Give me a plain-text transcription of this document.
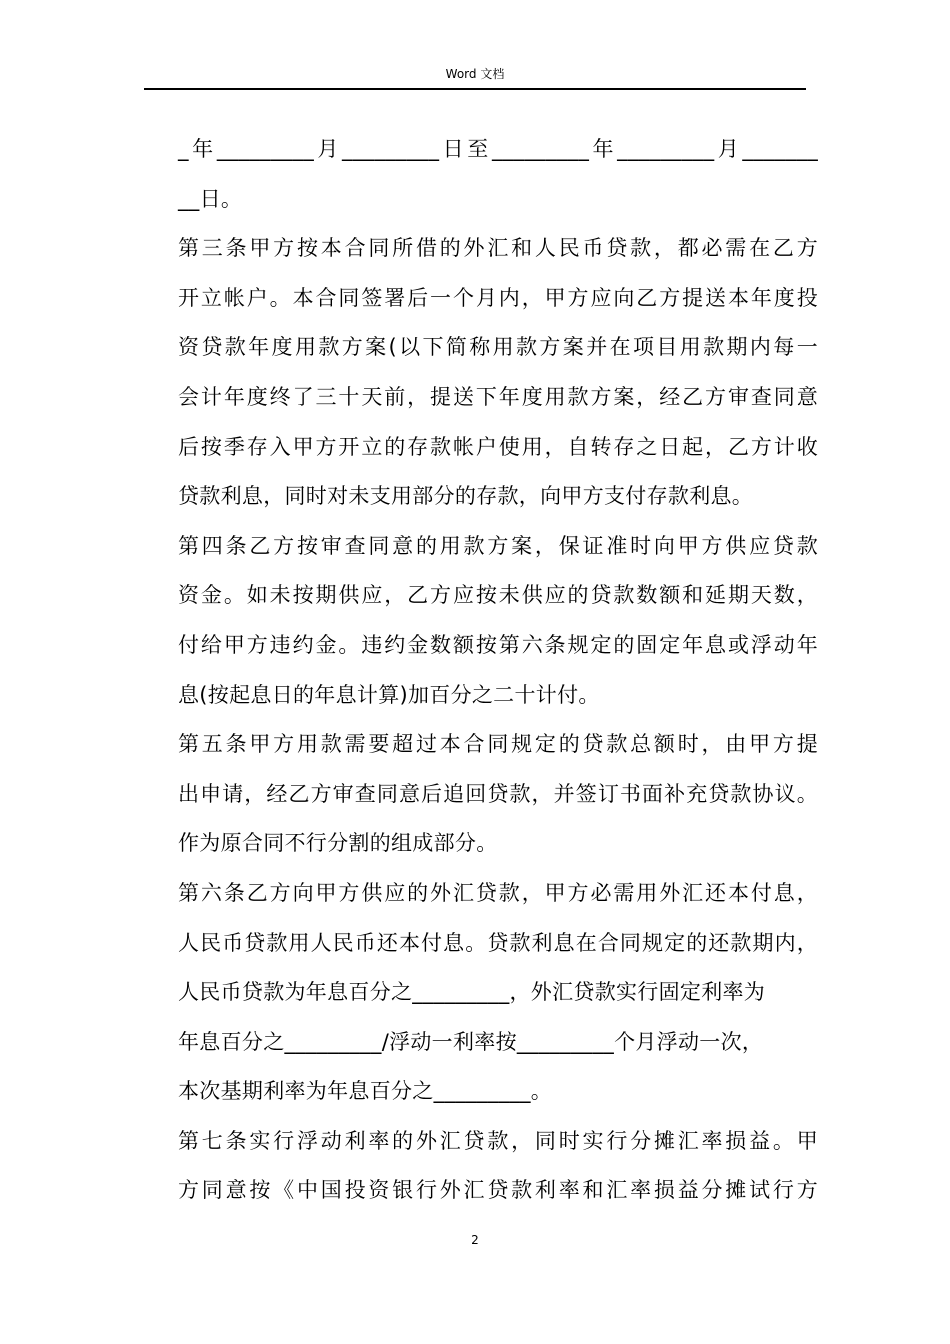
Word 文档
_年_________月_________日至_________年_________月_______
__日。
第三条甲方按本合同所借的外汇和人民币贷款，都必需在乙方
开立帐户。本合同签署后一个月内，甲方应向乙方提送本年度投
资贷款年度用款方案(以下简称用款方案并在项目用款期内每一
会计年度终了三十天前，提送下年度用款方案，经乙方审查同意
后按季存入甲方开立的存款帐户使用，自转存之日起，乙方计收
贷款利息，同时对未支用部分的存款，向甲方支付存款利息。
第四条乙方按审查同意的用款方案，保证准时向甲方供应贷款
资金。如未按期供应，乙方应按未供应的贷款数额和延期天数，
付给甲方违约金。违约金数额按第六条规定的固定年息或浮动年
息(按起息日的年息计算)加百分之二十计付。
第五条甲方用款需要超过本合同规定的贷款总额时，由甲方提
出申请，经乙方审查同意后追回贷款，并签订书面补充贷款协议。
作为原合同不行分割的组成部分。
第六条乙方向甲方供应的外汇贷款，甲方必需用外汇还本付息，
人民币贷款用人民币还本付息。贷款利息在合同规定的还款期内，
人民币贷款为年息百分之_________，外汇贷款实行固定利率为
年息百分之_________/浮动一利率按_________个月浮动一次，
本次基期利率为年息百分之_________。
第七条实行浮动利率的外汇贷款，同时实行分摊汇率损益。甲
方同意按《中国投资银行外汇贷款利率和汇率损益分摊试行方
2
